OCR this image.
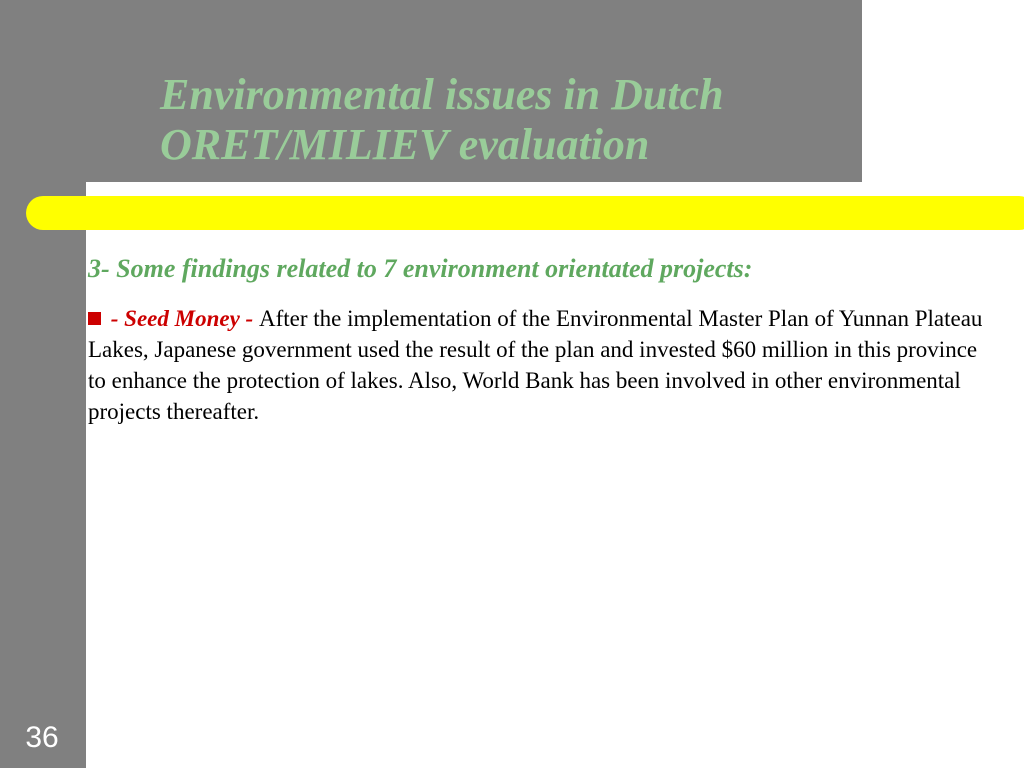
Environmental issues in Dutch
ORET/MILIEV evaluation
3- Some findings related to 7 environment orientated projects:

- Seed Money - After the implementation of the Environmental Master Plan of Yunnan Plateau Lakes, Japanese government used the result of the plan and invested $60 million in this province to enhance the protection of lakes. Also, World Bank has been involved in other environmental projects thereafter.

36
